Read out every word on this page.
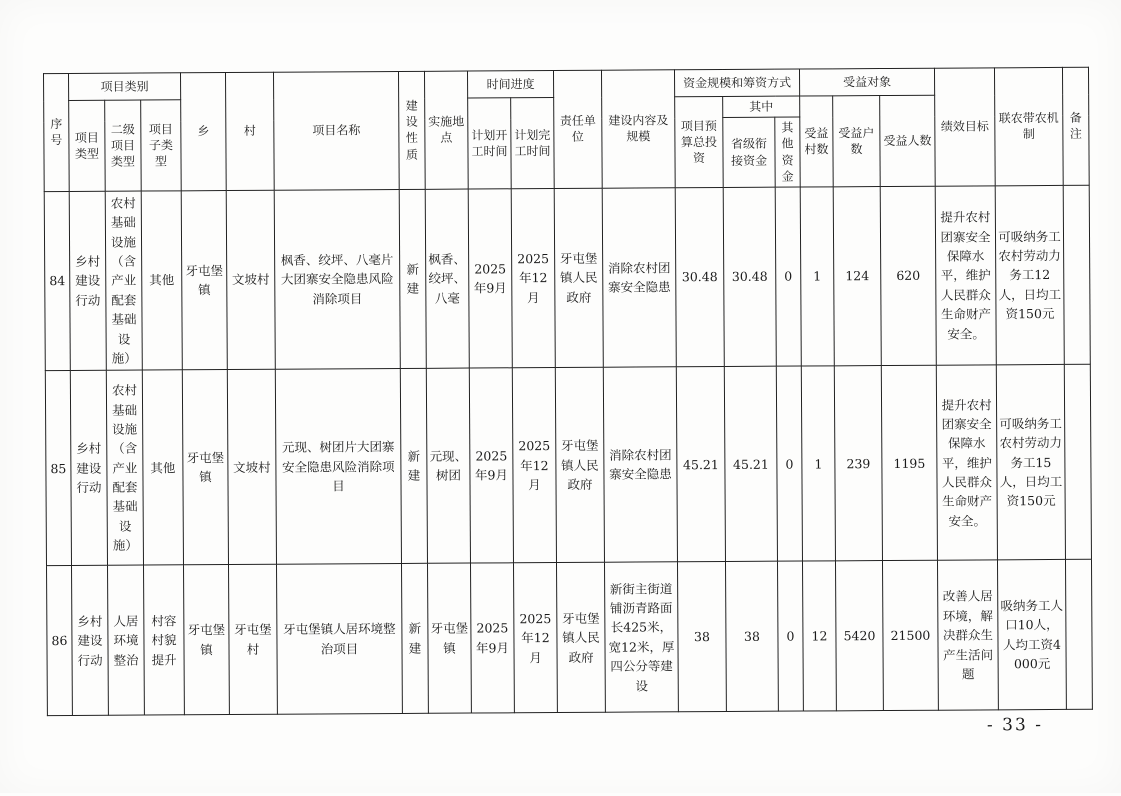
序号	项目类别			乡	村	项目名称	建设性质	实施地点	时间进度		责任单位	建设内容及规模	资金规模和筹资方式			受益对象			绩效目标	联农带农机制	备注
	项目类型	二级项目类型	项目子类型						计划开工时间	计划完工时间			项目预算总投资	其中		受益村数	受益户数	受益人数			
														省级衔接资金	其他资金						
84	乡村建设行动	农村基础设施（含产业配套基础设施）	其他	牙屯堡镇	文坡村	枫香、绞坪、八毫片大团寨安全隐患风险消除项目	新建	枫香、绞坪、八毫	2025年9月	2025年12月	牙屯堡镇人民政府	消除农村团寨安全隐患	30.48	30.48	0	1	124	620	提升农村团寨安全保障水平，维护人民群众生命财产安全。	可吸纳务工农村劳动力务工12人，日均工资150元	
85	乡村建设行动	农村基础设施（含产业配套基础设施）	其他	牙屯堡镇	文坡村	元现、树团片大团寨安全隐患风险消除项目	新建	元现、树团	2025年9月	2025年12月	牙屯堡镇人民政府	消除农村团寨安全隐患	45.21	45.21	0	1	239	1195	提升农村团寨安全保障水平，维护人民群众生命财产安全。	可吸纳务工农村劳动力务工15人，日均工资150元	
86	乡村建设行动	人居环境整治	村容村貌提升	牙屯堡镇	牙屯堡村	牙屯堡镇人居环境整治项目	新建	牙屯堡镇	2025年9月	2025年12月	牙屯堡镇人民政府	新街主街道铺沥青路面长425米，宽12米，厚四公分等建设	38	38	0	12	5420	21500	改善人居环境，解决群众生产生活问题	吸纳务工人口10人，人均工资4000元	
- 33 -
